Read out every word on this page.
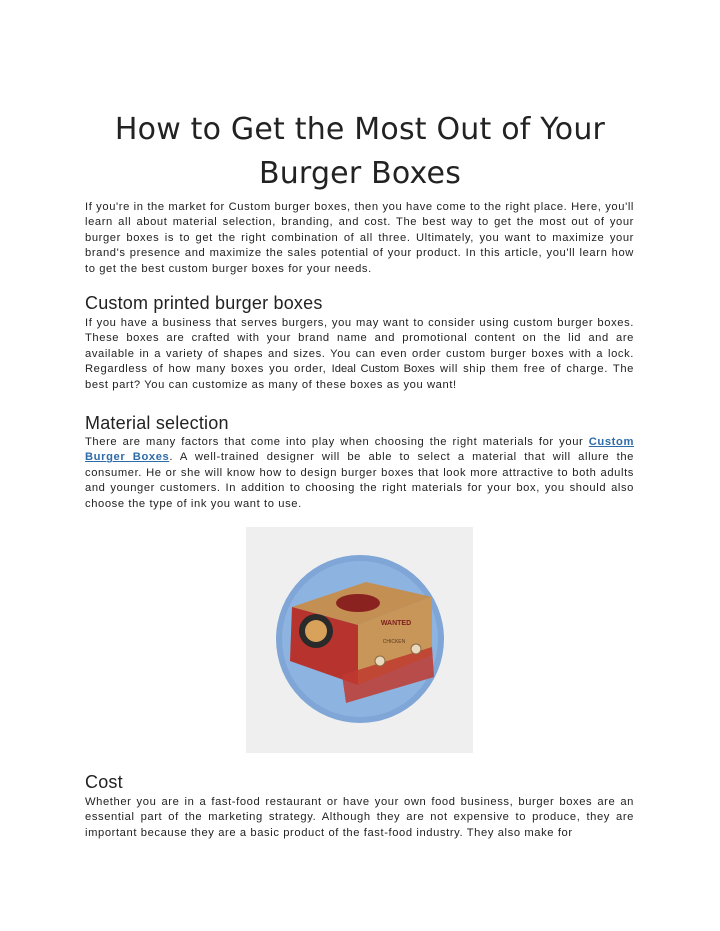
How to Get the Most Out of Your
Burger Boxes

If you're in the market for Custom burger boxes, then you have come to the right place. Here, you'll learn all about material selection, branding, and cost. The best way to get the most out of your burger boxes is to get the right combination of all three. Ultimately, you want to maximize your brand's presence and maximize the sales potential of your product. In this article, you'll learn how to get the best custom burger boxes for your needs.

Custom printed burger boxes

If you have a business that serves burgers, you may want to consider using custom burger boxes. These boxes are crafted with your brand name and promotional content on the lid and are available in a variety of shapes and sizes. You can even order custom burger boxes with a lock. Regardless of how many boxes you order, Ideal Custom Boxes will ship them free of charge. The best part? You can customize as many of these boxes as you want!

Material selection

There are many factors that come into play when choosing the right materials for your Custom Burger Boxes. A well-trained designer will be able to select a material that will allure the consumer. He or she will know how to design burger boxes that look more attractive to both adults and younger customers. In addition to choosing the right materials for your box, you should also choose the type of ink you want to use.

WANTED
CHICKEN
Cost

Whether you are in a fast-food restaurant or have your own food business, burger boxes are an essential part of the marketing strategy. Although they are not expensive to produce, they are important because they are a basic product of the fast-food industry. They also make for
